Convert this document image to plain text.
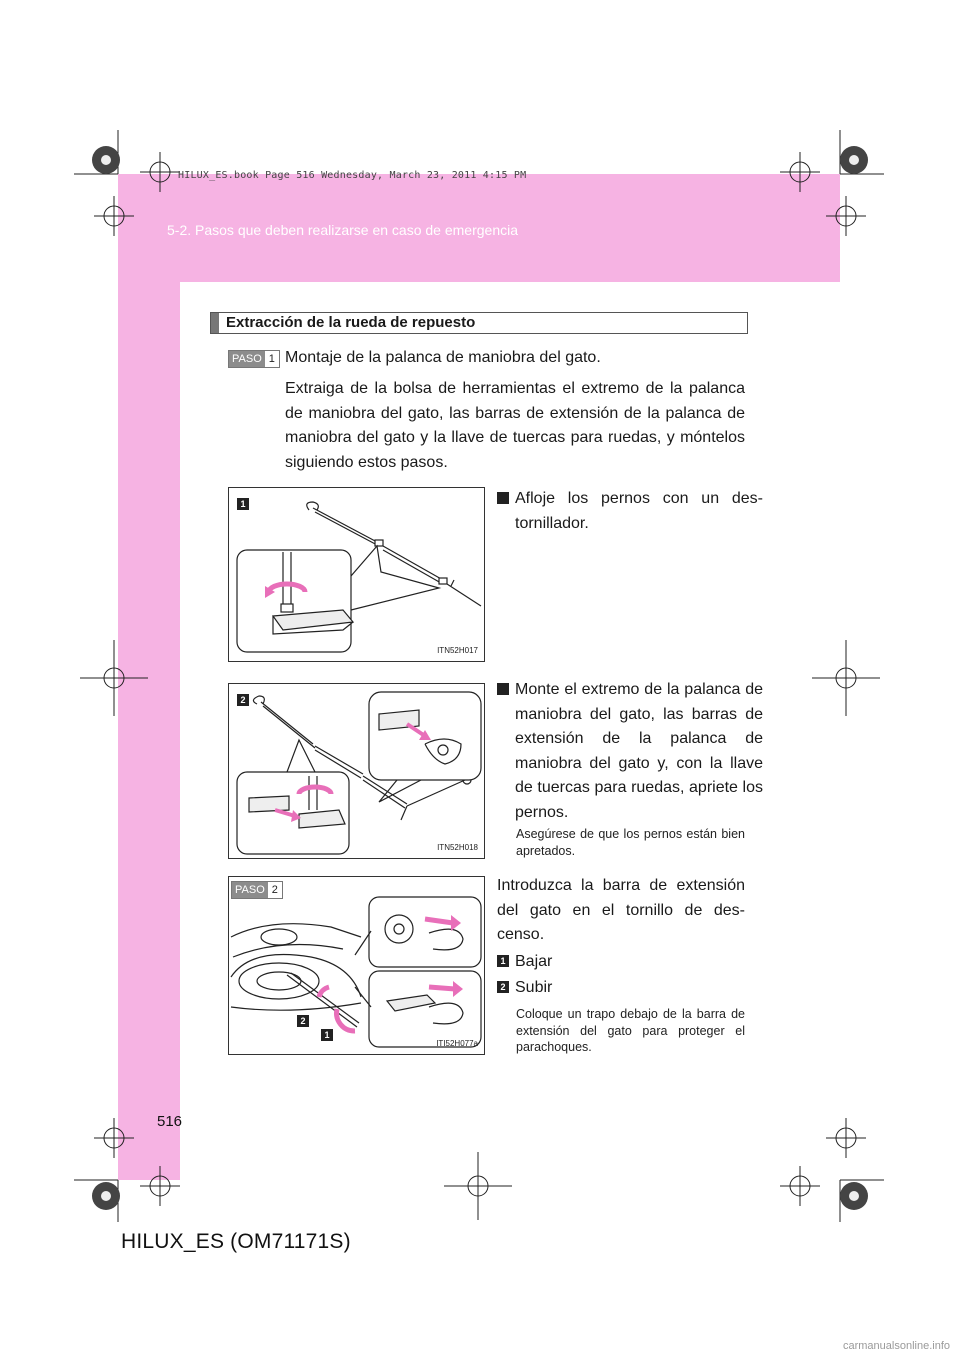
HILUX_ES.book Page 516 Wednesday, March 23, 2011 4:15 PM
5-2. Pasos que deben realizarse en caso de emergencia
Extracción de la rueda de repuesto
PASO 1 Montaje de la palanca de maniobra del gato.
Extraiga de la bolsa de herramientas el extremo de la palanca de maniobra del gato, las barras de extensión de la palanca de maniobra del gato y la llave de tuercas para ruedas, y móntelos siguiendo estos pasos.
1
ITN52H017
1 Afloje los pernos con un des-tornillador.
2
ITN52H018
2 Monte el extremo de la palanca de maniobra del gato, las barras de extensión de la palanca de maniobra del gato y, con la llave de tuercas para ruedas, apriete los pernos.
Asegúrese de que los pernos están bien apretados.
PASO 2
2
1
ITI52H077a
Introduzca la barra de extensión del gato en el tornillo de des-censo.
1 Bajar
2 Subir
Coloque un trapo debajo de la barra de extensión del gato para proteger el parachoques.
516
HILUX_ES (OM71171S)
carmanualsonline.info
